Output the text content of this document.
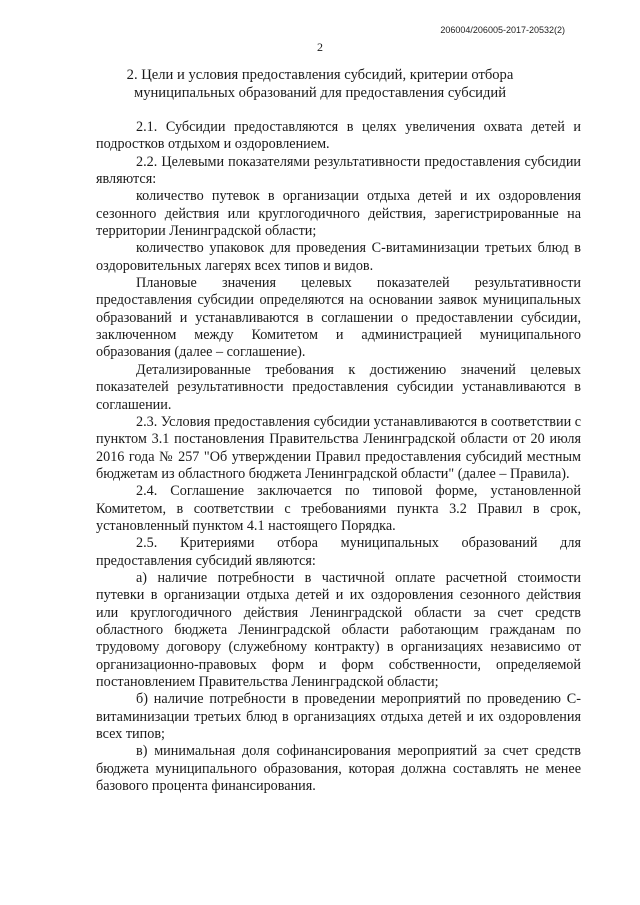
206004/206005-2017-20532(2)
2
2. Цели и условия предоставления субсидий, критерии отбора муниципальных образований для предоставления субсидий

2.1. Субсидии предоставляются в целях увеличения охвата детей и подростков отдыхом и оздоровлением.

2.2. Целевыми показателями результативности предоставления субсидии являются:

количество путевок в организации отдыха детей и их оздоровления сезонного действия или круглогодичного действия, зарегистрированные на территории Ленинградской области;

количество упаковок для проведения С-витаминизации третьих блюд в оздоровительных лагерях всех типов и видов.

Плановые значения целевых показателей результативности предоставления субсидии определяются на основании заявок муниципальных образований и устанавливаются в соглашении о предоставлении субсидии, заключенном между Комитетом и администрацией муниципального образования (далее – соглашение).

Детализированные требования к достижению значений целевых показателей результативности предоставления субсидии устанавливаются в соглашении.

2.3. Условия предоставления субсидии устанавливаются в соответствии с пунктом 3.1 постановления Правительства Ленинградской области от 20 июля 2016 года № 257 "Об утверждении Правил предоставления субсидий местным бюджетам из областного бюджета Ленинградской области" (далее – Правила).

2.4. Соглашение заключается по типовой форме, установленной Комитетом, в соответствии с требованиями пункта 3.2 Правил в срок, установленный пунктом 4.1 настоящего Порядка.

2.5. Критериями отбора муниципальных образований для предоставления субсидий являются:

а) наличие потребности в частичной оплате расчетной стоимости путевки в организации отдыха детей и их оздоровления сезонного действия или круглогодичного действия Ленинградской области за счет средств областного бюджета Ленинградской области работающим гражданам по трудовому договору (служебному контракту) в организациях независимо от организационно-правовых форм и форм собственности, определяемой постановлением Правительства Ленинградской области;

б) наличие потребности в проведении мероприятий по проведению С-витаминизации третьих блюд в организациях отдыха детей и их оздоровления всех типов;

в) минимальная доля софинансирования мероприятий за счет средств бюджета муниципального образования, которая должна составлять не менее базового процента финансирования.
